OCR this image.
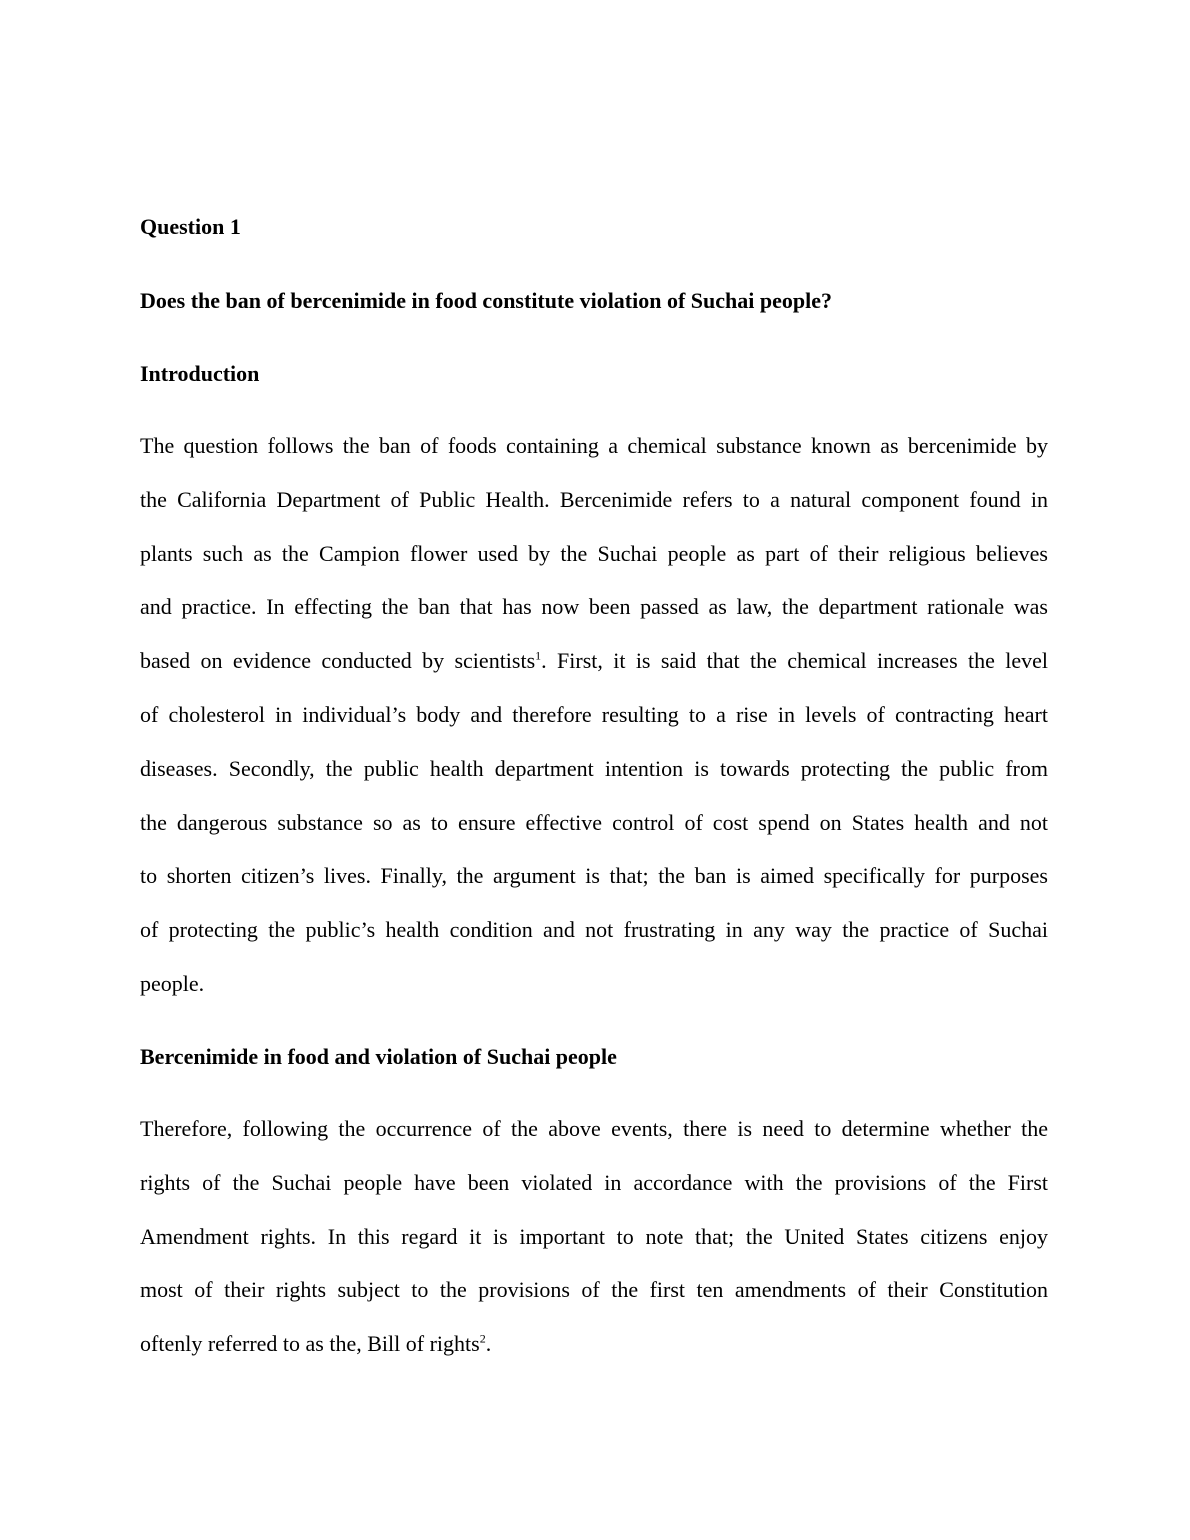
Question 1
Does the ban of bercenimide in food constitute violation of Suchai people?
Introduction
The question follows the ban of foods containing a chemical substance known as bercenimide by
the California Department of Public Health. Bercenimide refers to a natural component found in
plants such as the Campion flower used by the Suchai people as part of their religious believes
and practice. In effecting the ban that has now been passed as law, the department rationale was
based on evidence conducted by scientists$^1$. First, it is said that the chemical increases the level
of cholesterol in individual’s body and therefore resulting to a rise in levels of contracting heart
diseases. Secondly, the public health department intention is towards protecting the public from
the dangerous substance so as to ensure effective control of cost spend on States health and not
to shorten citizen’s lives. Finally, the argument is that; the ban is aimed specifically for purposes
of protecting the public’s health condition and not frustrating in any way the practice of Suchai
people.
Bercenimide in food and violation of Suchai people
Therefore, following the occurrence of the above events, there is need to determine whether the
rights of the Suchai people have been violated in accordance with the provisions of the First
Amendment rights. In this regard it is important to note that; the United States citizens enjoy
most of their rights subject to the provisions of the first ten amendments of their Constitution
oftenly referred to as the, Bill of rights$^2$.
